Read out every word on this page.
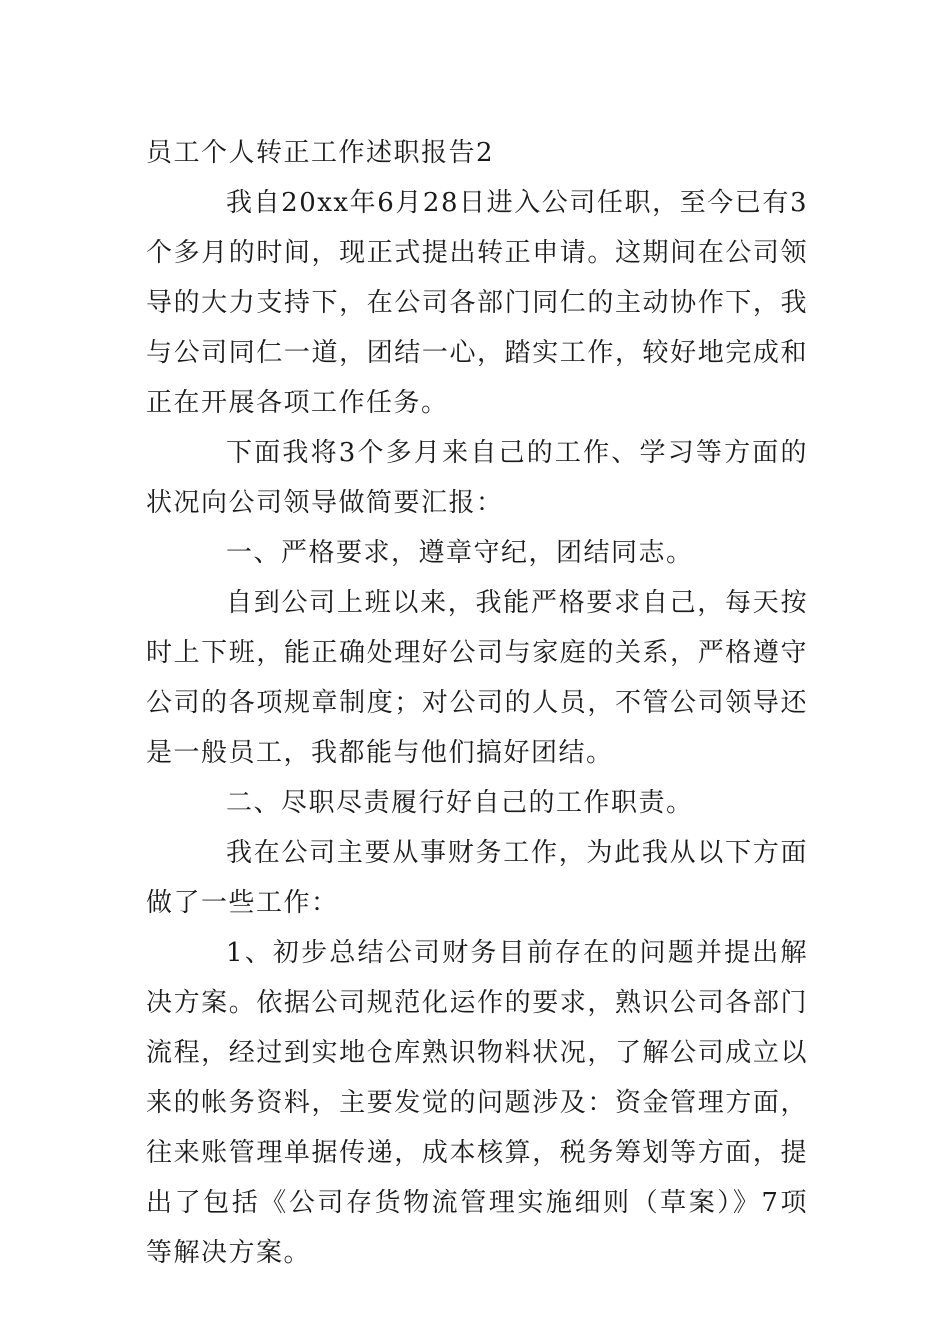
员工个人转正工作述职报告2

我自20xx年6月28日进入公司任职，至今已有3个多月的时间，现正式提出转正申请。这期间在公司领导的大力支持下，在公司各部门同仁的主动协作下，我与公司同仁一道，团结一心，踏实工作，较好地完成和正在开展各项工作任务。

下面我将3个多月来自己的工作、学习等方面的状况向公司领导做简要汇报：

一、严格要求，遵章守纪，团结同志。

自到公司上班以来，我能严格要求自己，每天按时上下班，能正确处理好公司与家庭的关系，严格遵守公司的各项规章制度；对公司的人员，不管公司领导还是一般员工，我都能与他们搞好团结。

二、尽职尽责履行好自己的工作职责。

我在公司主要从事财务工作，为此我从以下方面做了一些工作：

1、初步总结公司财务目前存在的问题并提出解决方案。依据公司规范化运作的要求，熟识公司各部门流程，经过到实地仓库熟识物料状况，了解公司成立以来的帐务资料，主要发觉的问题涉及：资金管理方面，往来账管理单据传递，成本核算，税务筹划等方面，提出了包括《公司存货物流管理实施细则（草案）》7项等解决方案。
